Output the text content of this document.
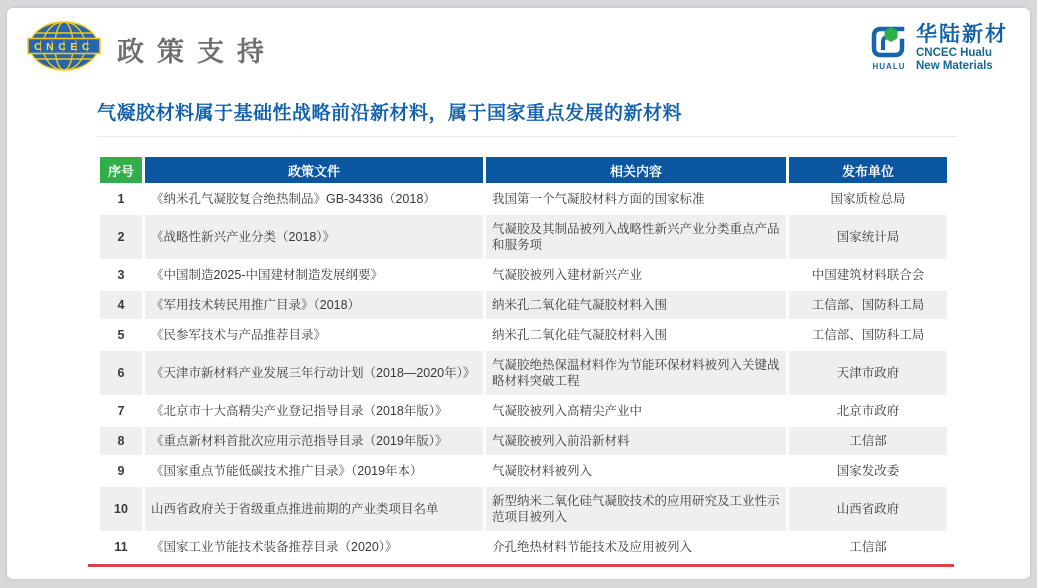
CNCEC 政策支持	HUALU
华陆新材
CNCEC Hualu
New Materials
气凝胶材料属于基础性战略前沿新材料，属于国家重点发展的新材料
序号	政策文件	相关内容	发布单位
1	《纳米孔气凝胶复合绝热制品》GB-34336（2018）	我国第一个气凝胶材料方面的国家标准	国家质检总局
2	《战略性新兴产业分类（2018）》	气凝胶及其制品被列入战略性新兴产业分类重点产品和服务项	国家统计局
3	《中国制造2025-中国建材制造发展纲要》	气凝胶被列入建材新兴产业	中国建筑材料联合会
4	《军用技术转民用推广目录》（2018）	纳米孔二氧化硅气凝胶材料入围	工信部、国防科工局
5	《民参军技术与产品推荐目录》	纳米孔二氧化硅气凝胶材料入围	工信部、国防科工局
6	《天津市新材料产业发展三年行动计划（2018—2020年）》	气凝胶绝热保温材料作为节能环保材料被列入关键战略材料突破工程	天津市政府
7	《北京市十大高精尖产业登记指导目录（2018年版）》	气凝胶被列入高精尖产业中	北京市政府
8	《重点新材料首批次应用示范指导目录（2019年版）》	气凝胶被列入前沿新材料	工信部
9	《国家重点节能低碳技术推广目录》（2019年本）	气凝胶材料被列入	国家发改委
10	山西省政府关于省级重点推进前期的产业类项目名单	新型纳米二氧化硅气凝胶技术的应用研究及工业性示范项目被列入	山西省政府
11	《国家工业节能技术装备推荐目录（2020）》	介孔绝热材料节能技术及应用被列入	工信部
